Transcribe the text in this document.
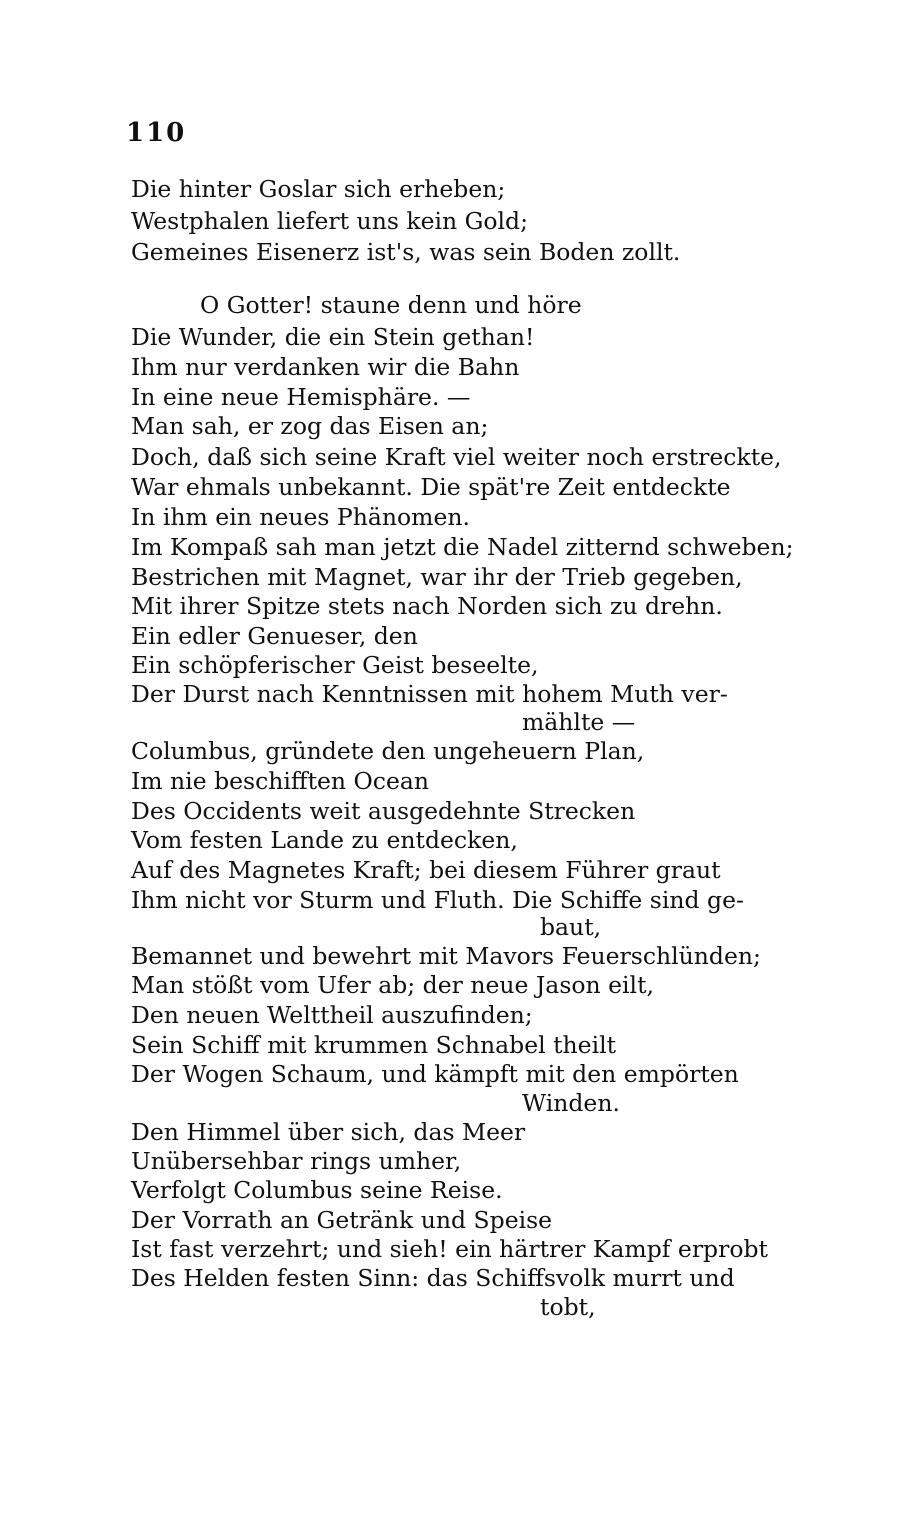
110
Die hinter Goslar sich erheben;
Westphalen liefert uns kein Gold;
Gemeines Eisenerz ist's, was sein Boden zollt.
O Gotter! staune denn und höre
Die Wunder, die ein Stein gethan!
Ihm nur verdanken wir die Bahn
In eine neue Hemisphäre. —
Man sah, er zog das Eisen an;
Doch, daß sich seine Kraft viel weiter noch erstreckte,
War ehmals unbekannt. Die spät're Zeit entdeckte
In ihm ein neues Phänomen.
Im Kompaß sah man jetzt die Nadel zitternd schweben;
Bestrichen mit Magnet, war ihr der Trieb gegeben,
Mit ihrer Spitze stets nach Norden sich zu drehn.
Ein edler Genueser, den
Ein schöpferischer Geist beseelte,
Der Durst nach Kenntnissen mit hohem Muth ver-
mählte —
Columbus, gründete den ungeheuern Plan,
Im nie beschifften Ocean
Des Occidents weit ausgedehnte Strecken
Vom festen Lande zu entdecken,
Auf des Magnetes Kraft; bei diesem Führer graut
Ihm nicht vor Sturm und Fluth. Die Schiffe sind ge-
baut,
Bemannet und bewehrt mit Mavors Feuerschlünden;
Man stößt vom Ufer ab; der neue Jason eilt,
Den neuen Welttheil auszufinden;
Sein Schiff mit krummen Schnabel theilt
Der Wogen Schaum, und kämpft mit den empörten
Winden.
Den Himmel über sich, das Meer
Unübersehbar rings umher,
Verfolgt Columbus seine Reise.
Der Vorrath an Getränk und Speise
Ist fast verzehrt; und sieh! ein härtrer Kampf erprobt
Des Helden festen Sinn: das Schiffsvolk murrt und
tobt,
